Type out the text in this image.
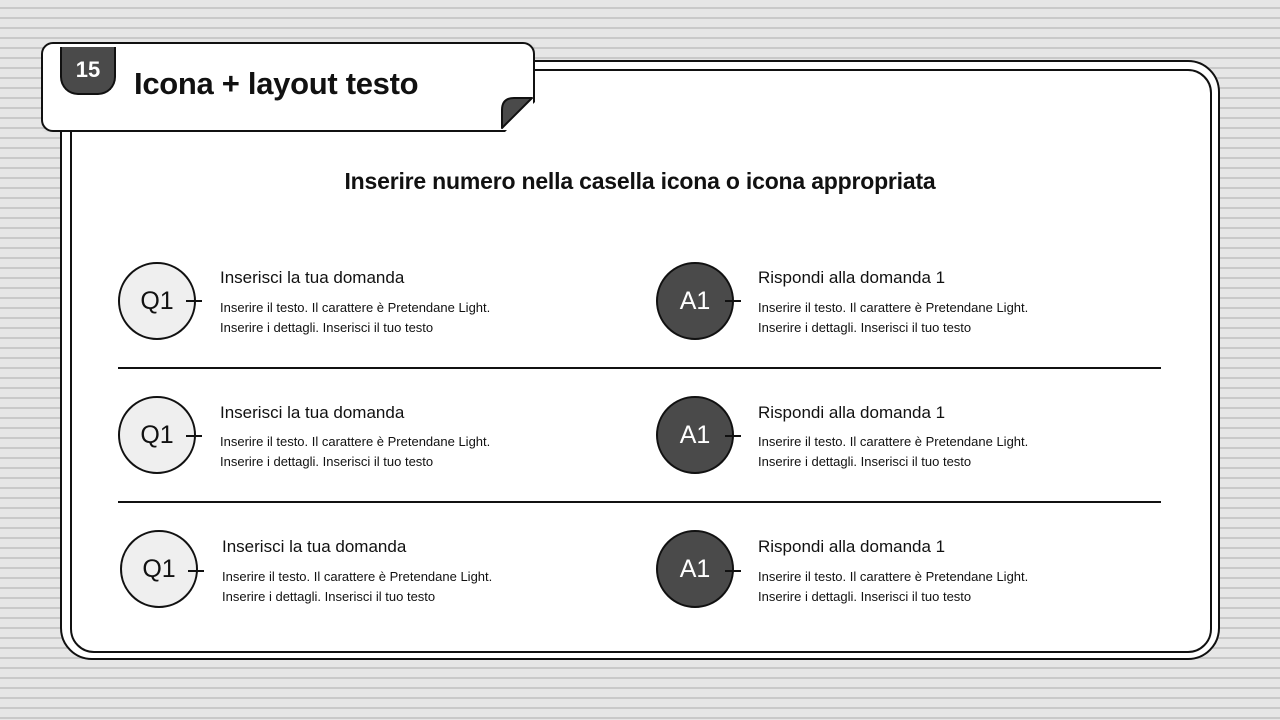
15	Icona + layout testo
Inserire numero nella casella icona o icona appropriata
Q1
Inserisci la tua domanda
Inserire il testo. Il carattere è Pretendane Light.
Inserire i dettagli. Inserisci il tuo testo
A1
Rispondi alla domanda 1
Inserire il testo. Il carattere è Pretendane Light.
Inserire i dettagli. Inserisci il tuo testo
Q1
Inserisci la tua domanda
Inserire il testo. Il carattere è Pretendane Light.
Inserire i dettagli. Inserisci il tuo testo
A1
Rispondi alla domanda 1
Inserire il testo. Il carattere è Pretendane Light.
Inserire i dettagli. Inserisci il tuo testo
Q1
Inserisci la tua domanda
Inserire il testo. Il carattere è Pretendane Light.
Inserire i dettagli. Inserisci il tuo testo
A1
Rispondi alla domanda 1
Inserire il testo. Il carattere è Pretendane Light.
Inserire i dettagli. Inserisci il tuo testo
